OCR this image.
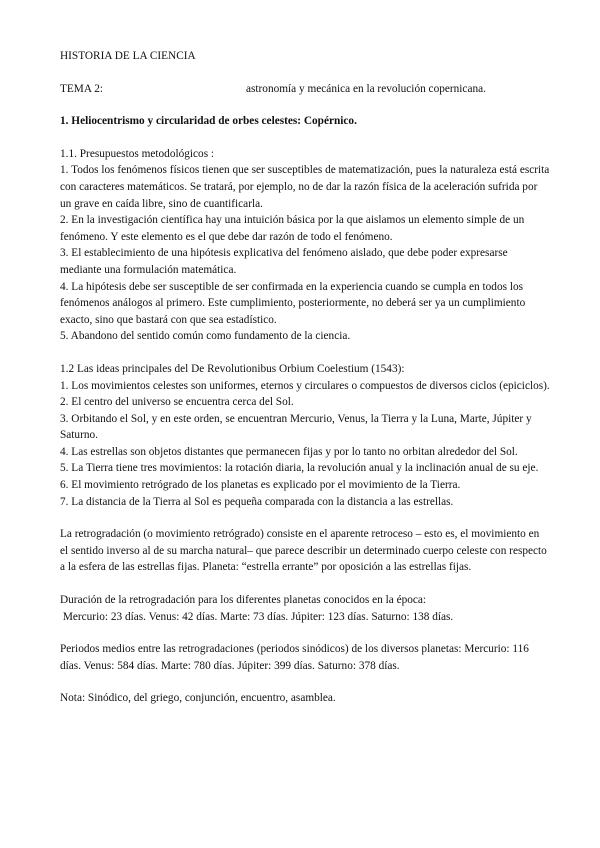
HISTORIA DE LA CIENCIA

TEMA 2:	astronomía y mecánica en la revolución copernicana.

1. Heliocentrismo y circularidad de orbes celestes: Copérnico.

1.1. Presupuestos metodológicos :

1. Todos los fenómenos físicos tienen que ser susceptibles de matematización, pues la naturaleza está escrita con caracteres matemáticos. Se tratará, por ejemplo, no de dar la razón física de la aceleración sufrida por un grave en caída libre, sino de cuantificarla.

2. En la investigación científica hay una intuición básica por la que aislamos un elemento simple de un fenómeno. Y este elemento es el que debe dar razón de todo el fenómeno.

3. El establecimiento de una hipótesis explicativa del fenómeno aislado, que debe poder expresarse mediante una formulación matemática.

4. La hipótesis debe ser susceptible de ser confirmada en la experiencia cuando se cumpla en todos los fenómenos análogos al primero. Este cumplimiento, posteriormente, no deberá ser ya un cumplimiento exacto, sino que bastará con que sea estadístico.

5. Abandono del sentido común como fundamento de la ciencia.

1.2 Las ideas principales del De Revolutionibus Orbium Coelestium (1543):

1. Los movimientos celestes son uniformes, eternos y circulares o compuestos de diversos ciclos (epiciclos).

2. El centro del universo se encuentra cerca del Sol.

3. Orbitando el Sol, y en este orden, se encuentran Mercurio, Venus, la Tierra y la Luna, Marte, Júpiter y Saturno.

4. Las estrellas son objetos distantes que permanecen fijas y por lo tanto no orbitan alrededor del Sol.

5. La Tierra tiene tres movimientos: la rotación diaria, la revolución anual y la inclinación anual de su eje.

6. El movimiento retrógrado de los planetas es explicado por el movimiento de la Tierra.

7. La distancia de la Tierra al Sol es pequeña comparada con la distancia a las estrellas.

La retrogradación (o movimiento retrógrado) consiste en el aparente retroceso – esto es, el movimiento en el sentido inverso al de su marcha natural– que parece describir un determinado cuerpo celeste con respecto a la esfera de las estrellas fijas. Planeta: “estrella errante” por oposición a las estrellas fijas.

Duración de la retrogradación para los diferentes planetas conocidos en la época:

Mercurio: 23 días. Venus: 42 días. Marte: 73 días. Júpiter: 123 días. Saturno: 138 días.

Periodos medios entre las retrogradaciones (periodos sinódicos) de los diversos planetas: Mercurio: 116 días. Venus: 584 días. Marte: 780 días. Júpiter: 399 días. Saturno: 378 días.

Nota: Sinódico, del griego, conjunción, encuentro, asamblea.
